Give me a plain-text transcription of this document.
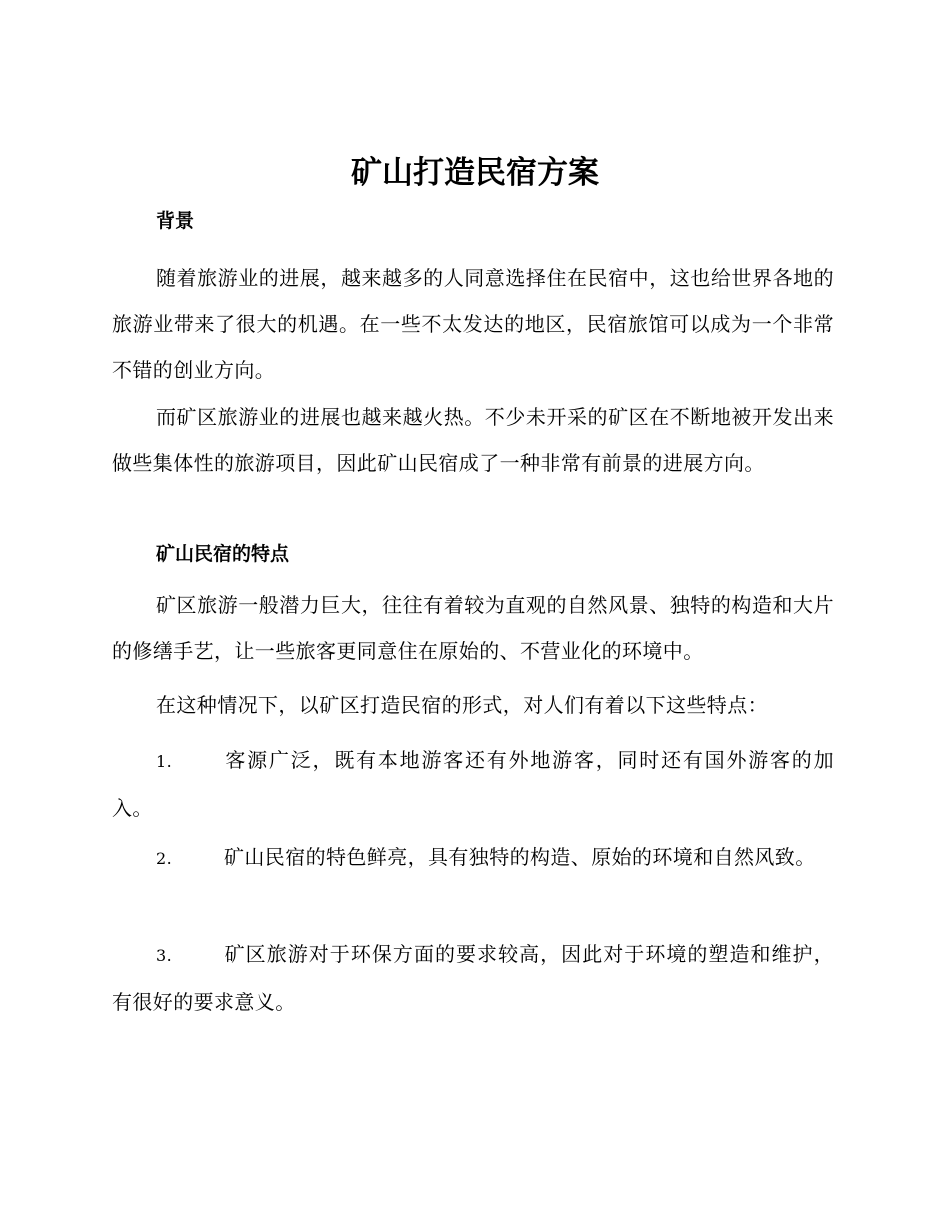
矿山打造民宿方案
背景

随着旅游业的进展，越来越多的人同意选择住在民宿中，这也给世界各地的旅游业带来了很大的机遇。在一些不太发达的地区，民宿旅馆可以成为一个非常不错的创业方向。

而矿区旅游业的进展也越来越火热。不少未开采的矿区在不断地被开发出来做些集体性的旅游项目，因此矿山民宿成了一种非常有前景的进展方向。

矿山民宿的特点

矿区旅游一般潜力巨大，往往有着较为直观的自然风景、独特的构造和大片的修缮手艺，让一些旅客更同意住在原始的、不营业化的环境中。

在这种情况下，以矿区打造民宿的形式，对人们有着以下这些特点：

1.	客源广泛，既有本地游客还有外地游客，同时还有国外游客的加入。

2.	矿山民宿的特色鲜亮，具有独特的构造、原始的环境和自然风致。

3.	矿区旅游对于环保方面的要求较高，因此对于环境的塑造和维护，有很好的要求意义。
